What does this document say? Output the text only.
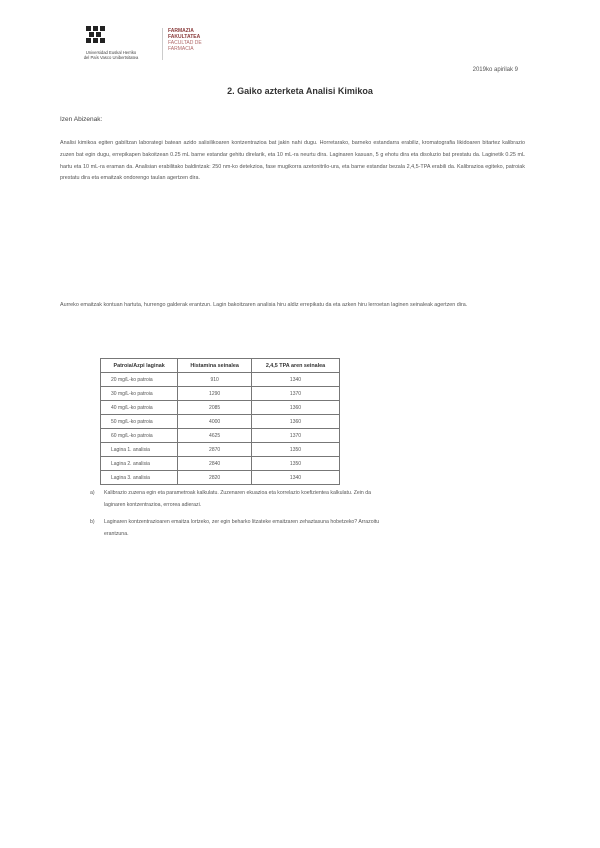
Universidad Euskal Herriko
del País Vasco Unibertsitatea
FARMAZIA
FAKULTATEA
FACULTAD DE FARMACIA
2019ko apirilak 9
2. Gaiko azterketa Analisi Kimikoa
Izen Abizenak:
Analisi kimikoa egiten gabiltzan laborategi batean azido salisilikoaren kontzentrazioa bat jakin nahi dugu. Horretarako, barneko estandarra erabiliz, kromatografia likidoaren bitartez kalibrazio zuzen bat egin dugu, errepikapen bakoitzean 0.25 mL barne estandar gehitu direlarik, eta 10 mL-ra neurtu dira. Laginaren kasuan, 5 g ehotu dira eta disoluzio bat prestatu da. Laginetik 0.25 mL hartu eta 10 mL-ra eraman da. Analisian erabilitako baldintzak: 250 nm-ko detekzioa, fase mugikorra azetonitrilo-ura, eta barne estandar bezala 2,4,5-TPA erabili da. Kalibrazioa egiteko, patroiak prestatu dira eta emaitzak ondorengo taulan agertzen dira.
Aurreko emaitzak kontuan hartuta, hurrengo galderak erantzun. Lagin bakoitzaren analisia hiru aldiz errepikatu da eta azken hiru lerroetan laginen seinaleak agertzen dira.
Patroia/Azpi laginak	Histamina seinalea	2,4,5 TPA aren seinalea
20 mg/L-ko patroia	910	1340
30 mg/L-ko patroia	1290	1370
40 mg/L-ko patroia	2085	1360
50 mg/L-ko patroia	4000	1360
60 mg/L-ko patroia	4625	1370
Lagina 1. analisia	2870	1350
Lagina 2. analisia	2840	1350
Lagina 3. analisia	2820	1340
a) Kalibrazio zuzena egin eta parametroak kalkulatu. Zuzenaren ekuazioa eta korrelazio koefizientea kalkulatu. Zein da laginaren kontzentrazioa, errorea adierazi.
b) Laginaren kontzentrazioaren emaitza lortzeko, zer egin beharko litzateke emaitzaren zehaztasuna hobetzeko? Arrazoitu erantzuna.
